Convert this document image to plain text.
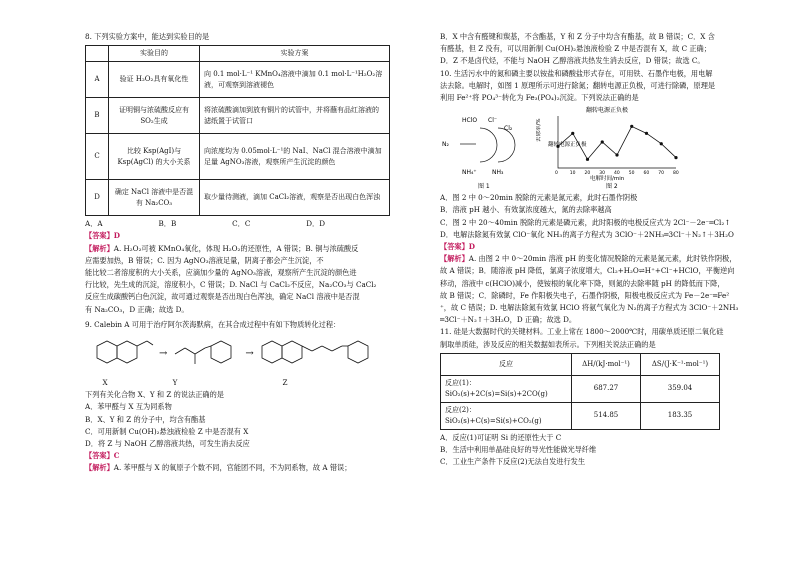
8. 下列实验方案中，能达到实验目的是
	实验目的	实验方案
A	验证 H₂O₂具有氧化性	向 0.1 mol·L⁻¹ KMnO₄溶液中滴加 0.1 mol·L⁻¹H₂O₂溶液，可观察到溶液褪色
B	证明铜与浓硫酸反应有 SO₂生成	将浓硫酸滴加到放有铜片的试管中，并将蘸有品红溶液的滤纸置于试管口
C	比较 Ksp(AgI)与 Ksp(AgCl) 的大小关系	向浓度均为 0.05mol·L⁻¹的 NaI、NaCl 混合溶液中滴加足量 AgNO₃溶液，观察所产生沉淀的颜色
D	确定 NaCl 溶液中是否混有 Na₂CO₃	取少量待测液，滴加 CaCl₂溶液，观察是否出现白色浑浊
A．A	B．B	C．C	D．D
【答案】D
【解析】A. H₂O₂可被 KMnO₄氧化，体现 H₂O₂的还原性，A 错误；B. 铜与浓硫酸反
应需要加热，B 错误；C. 因为 AgNO₃溶液足量，阴离子都会产生沉淀，不
能比较二者溶度积的大小关系，应滴加少量的 AgNO₃溶液，观察所产生沉淀的颜色进
行比较，先生成的沉淀，溶度积小，C 错误；D. NaCl 与 CaCl₂不反应，Na₂CO₃与 CaCl₂
反应生成碳酸钙白色沉淀，故可通过观察是否出现白色浑浊，确定 NaCl 溶液中是否混
有 Na₂CO₃，D 正确；故选 D。
9. Calebin A 可用于治疗阿尔茨海默病，在其合成过程中有如下物质转化过程：
→	→
X	Y	Z
下列有关化合物 X、Y 和 Z 的说法正确的是
A．苯甲醛与 X 互为同系物
B．X、Y 和 Z 的分子中，均含有酯基
C．可用新制 Cu(OH)₂悬浊液检验 Z 中是否混有 X
D．将 Z 与 NaOH 乙醇溶液共热，可发生消去反应
【答案】C
【解析】A. 苯甲醛与 X 的氧原子个数不同，官能团不同，不为同系物，故 A 错误；
B．X 中含有醛键和羰基，不含酯基，Y 和 Z 分子中均含有酯基，故 B 错误；C．X 含
有醛基，但 Z 没有，可以用新制 Cu(OH)₂悬浊液检验 Z 中是否混有 X，故 C 正确；
D．Z 不是卤代烃，不能与 NaOH 乙醇溶液共热发生消去反应，D 错误；故选 C。
10. 生活污水中的氮和磷主要以铵盐和磷酸盐形式存在，可用铁、石墨作电极，用电解
法去除。电解时，如图 1 原理所示可进行除氮；翻转电源正负极，可进行除磷，原理是
利用 Fe²⁺将 PO₄³⁻转化为 Fe₃(PO₄)₂沉淀。下列说法正确的是
HClO Cl⁻
Cl₂
N₂
NH₄⁺	NH₃
图 1
0	10 20 30 40 50 60 70 80
翻转电源正负极
翻转电源正负极
电解时间/min
去除率/%
图 2
A．图 2 中 0～20min 脱除的元素是氮元素，此时石墨作阴极
B．溶液 pH 越小、有效氯浓度越大，氮的去除率越高
C．图 2 中 20～40min 脱除的元素是磷元素，此时阳极的电极反应式为 2Cl⁻－2e⁻═Cl₂↑
D．电解法除氮有效氯 ClO⁻氧化 NH₃的离子方程式为 3ClO⁻＋2NH₃═3Cl⁻＋N₂↑＋3H₂O
【答案】D
【解析】A. 由图 2 中 0～20min 溶液 pH 的变化情况脱除的元素是氮元素，此时铁作阴极，
故 A 错误；B．随溶液 pH 降低，氯离子浓度增大，Cl₂+H₂O⇌H⁺+Cl⁻+HClO，平衡逆向
移动，溶液中 c(HClO)减小，使铵根的氧化率下降，则氮的去除率随 pH 的降低而下降，
故 B 错误；C．除磷时，Fe 作阳极失电子，石墨作阴极，阳极电极反应式为 Fe－2e⁻═Fe²
⁺，故 C 错误；D. 电解法除氮有效氯 HClO 将氨气氧化为 N₂的离子方程式为 3ClO⁻＋2NH₃
═3Cl⁻＋N₂↑＋3H₂O，D 正确；故选 D。
11. 硅是大数据时代的关键材料。工业上常在 1800～2000℃时，用碳单质还原二氧化硅
制取单质硅，涉及反应的相关数据如表所示。下列相关说法正确的是
反应	ΔH/(kJ·mol⁻¹)	ΔS/(J·K⁻¹·mol⁻¹)
反应(1)：SiO₂(s)+2C(s)=Si(s)+2CO(g)	687.27	359.04
反应(2)：SiO₂(s)+C(s)=Si(s)+CO₂(g)	514.85	183.35
A．反应(1)可证明 Si 的还原性大于 C
B．生活中利用单晶硅良好的导光性能做光导纤维
C．工业生产条件下反应(2)无法自发进行发生
